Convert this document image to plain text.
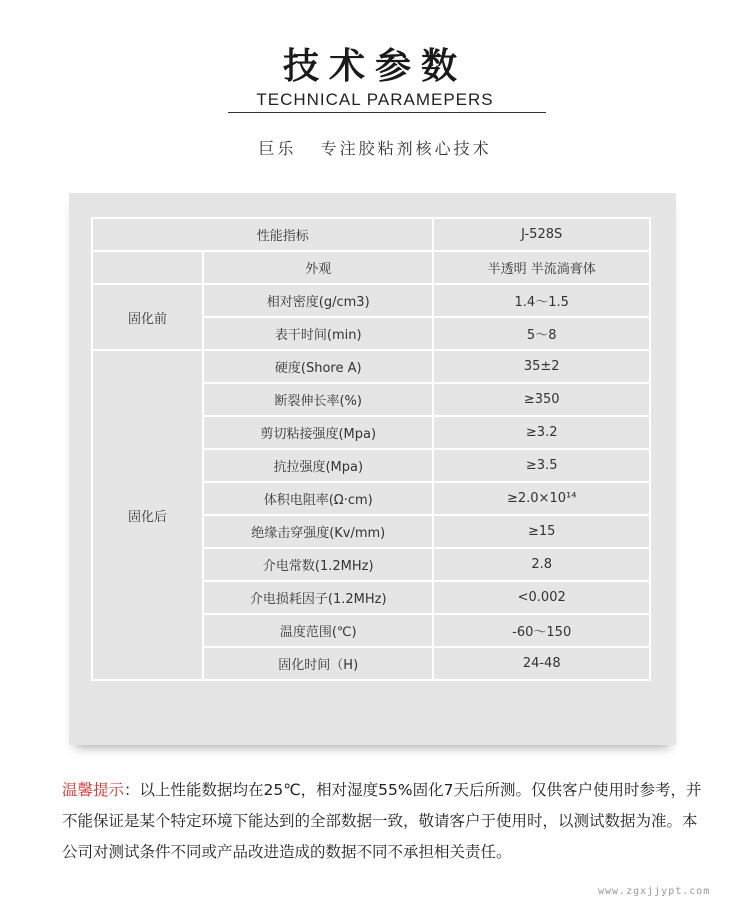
技术参数
TECHNICAL PARAMEPERS
巨乐   专注胶粘剂核心技术
性能指标		J-528S
	外观	半透明 半流淌膏体
固化前	相对密度(g/cm3)	1.4～1.5
	表干时间(min)	5～8
固化后	硬度(Shore A)	35±2
	断裂伸长率(%)	≥350
	剪切粘接强度(Mpa)	≥3.2
	抗拉强度(Mpa)	≥3.5
	体积电阻率(Ω·cm)	≥2.0×10¹⁴
	绝缘击穿强度(Kv/mm)	≥15
	介电常数(1.2MHz)	2.8
	介电损耗因子(1.2MHz)	<0.002
	温度范围(℃)	-60～150
	固化时间（H)	24-48
温馨提示：以上性能数据均在25℃，相对湿度55%固化7天后所测。仅供客户使用时参考，并不能保证是某个特定环境下能达到的全部数据一致，敬请客户于使用时，以测试数据为准。本公司对测试条件不同或产品改进造成的数据不同不承担相关责任。
www.zgxjjypt.com
